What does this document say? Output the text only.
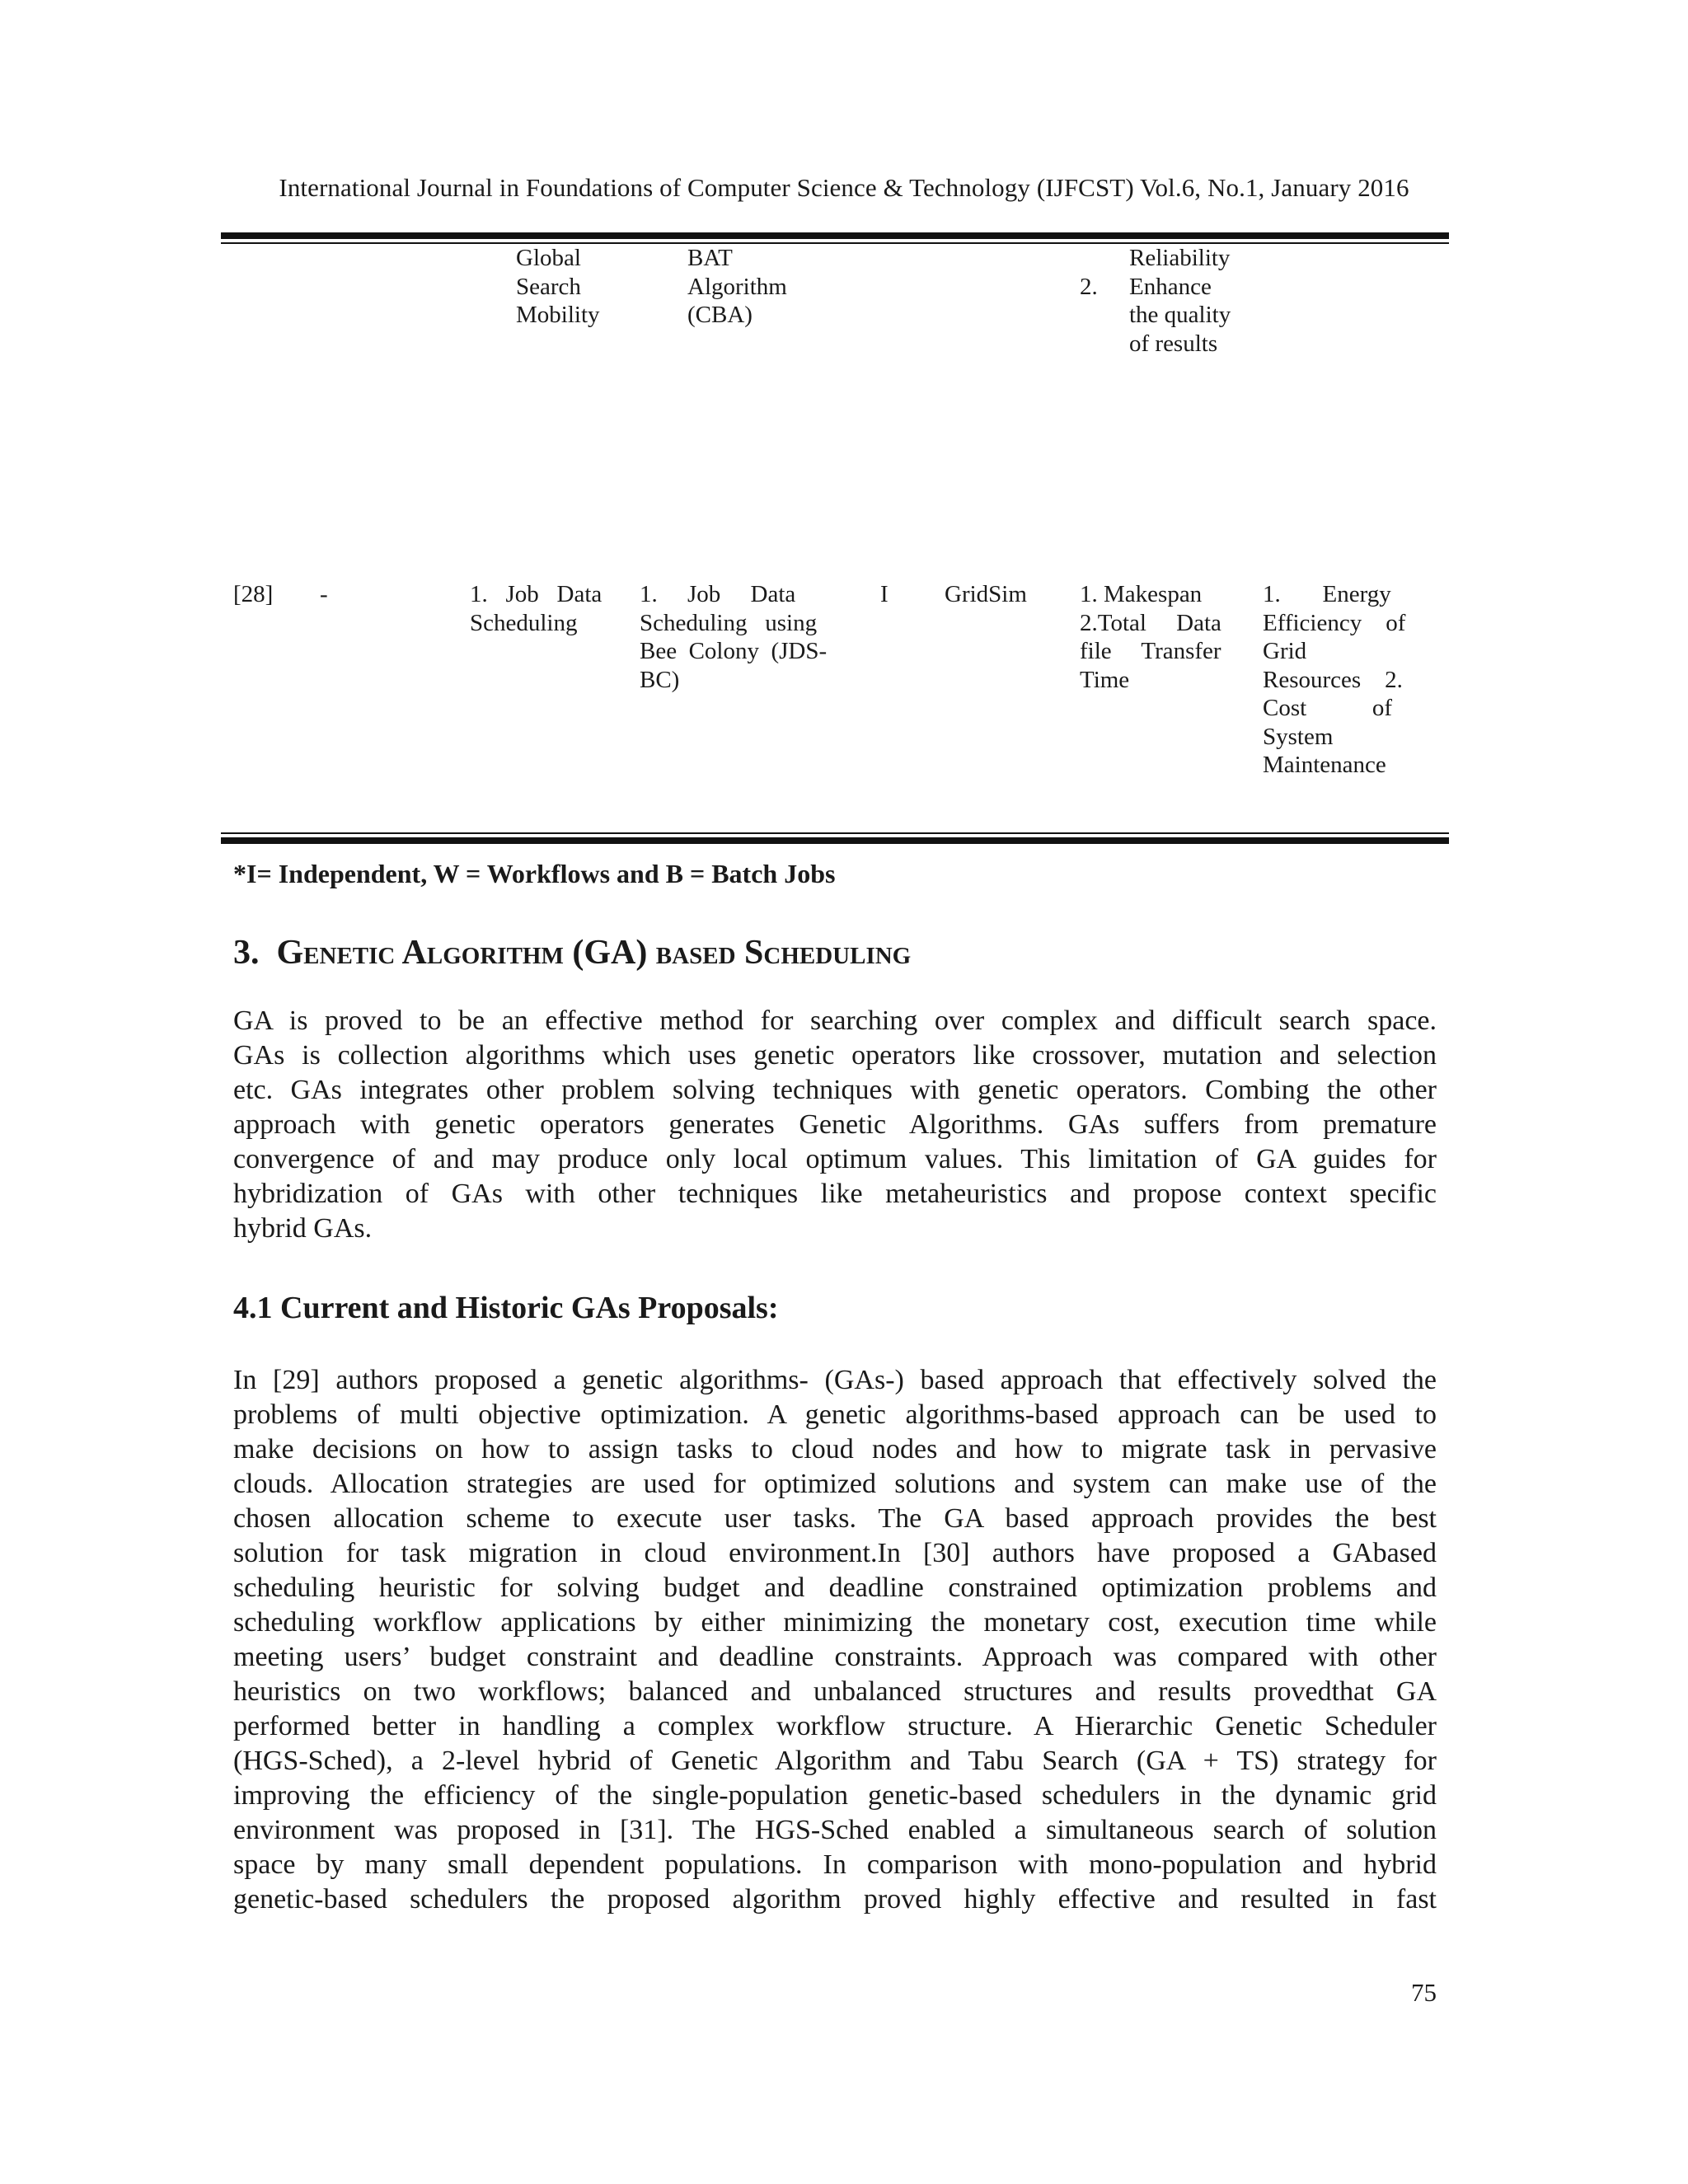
International Journal in Foundations of Computer Science & Technology (IJFCST) Vol.6, No.1, January 2016
Global
Search
Mobility
BAT
Algorithm
(CBA)
2.
Reliability
Enhance
the quality
of results
[28] -	1.   Job   Data
Scheduling
1.     Job     Data
Scheduling   using
Bee  Colony  (JDS-
BC)
I GridSim 1. Makespan
2.Total     Data
file     Transfer
Time
1.       Energy
Efficiency    of
Grid
Resources    2.
Cost           of
System
Maintenance
*I= Independent, W = Workflows and B = Batch Jobs
3. Genetic Algorithm (GA) based Scheduling
GA is proved to be an effective method for searching over complex and difficult search space.
GAs is collection algorithms which uses genetic operators like crossover, mutation and selection
etc. GAs integrates other problem solving techniques with genetic operators. Combing the other
approach with genetic operators generates Genetic Algorithms. GAs suffers from premature
convergence of and may produce only local optimum values. This limitation of GA guides for
hybridization of GAs with other techniques like metaheuristics and propose context specific
hybrid GAs.
4.1 Current and Historic GAs Proposals:
In [29] authors proposed a genetic algorithms- (GAs-) based approach that effectively solved the
problems of multi objective optimization. A genetic algorithms-based approach can be used to
make decisions on how to assign tasks to cloud nodes and how to migrate task in pervasive
clouds. Allocation strategies are used for optimized solutions and system can make use of the
chosen allocation scheme to execute user tasks. The GA based approach provides the best
solution for task migration in cloud environment.In [30] authors have proposed a GAbased
scheduling heuristic for solving budget and deadline constrained optimization problems and
scheduling workflow applications by either minimizing the monetary cost, execution time while
meeting users’ budget constraint and deadline constraints. Approach was compared with other
heuristics on two workflows; balanced and unbalanced structures and results provedthat GA
performed better in handling a complex workflow structure. A Hierarchic Genetic Scheduler
(HGS-Sched), a 2-level hybrid of Genetic Algorithm and Tabu Search (GA + TS) strategy for
improving the efficiency of the single-population genetic-based schedulers in the dynamic grid
environment was proposed in [31]. The HGS-Sched enabled a simultaneous search of solution
space by many small dependent populations. In comparison with mono-population and hybrid
genetic-based schedulers the proposed algorithm proved highly effective and resulted in fast
75
